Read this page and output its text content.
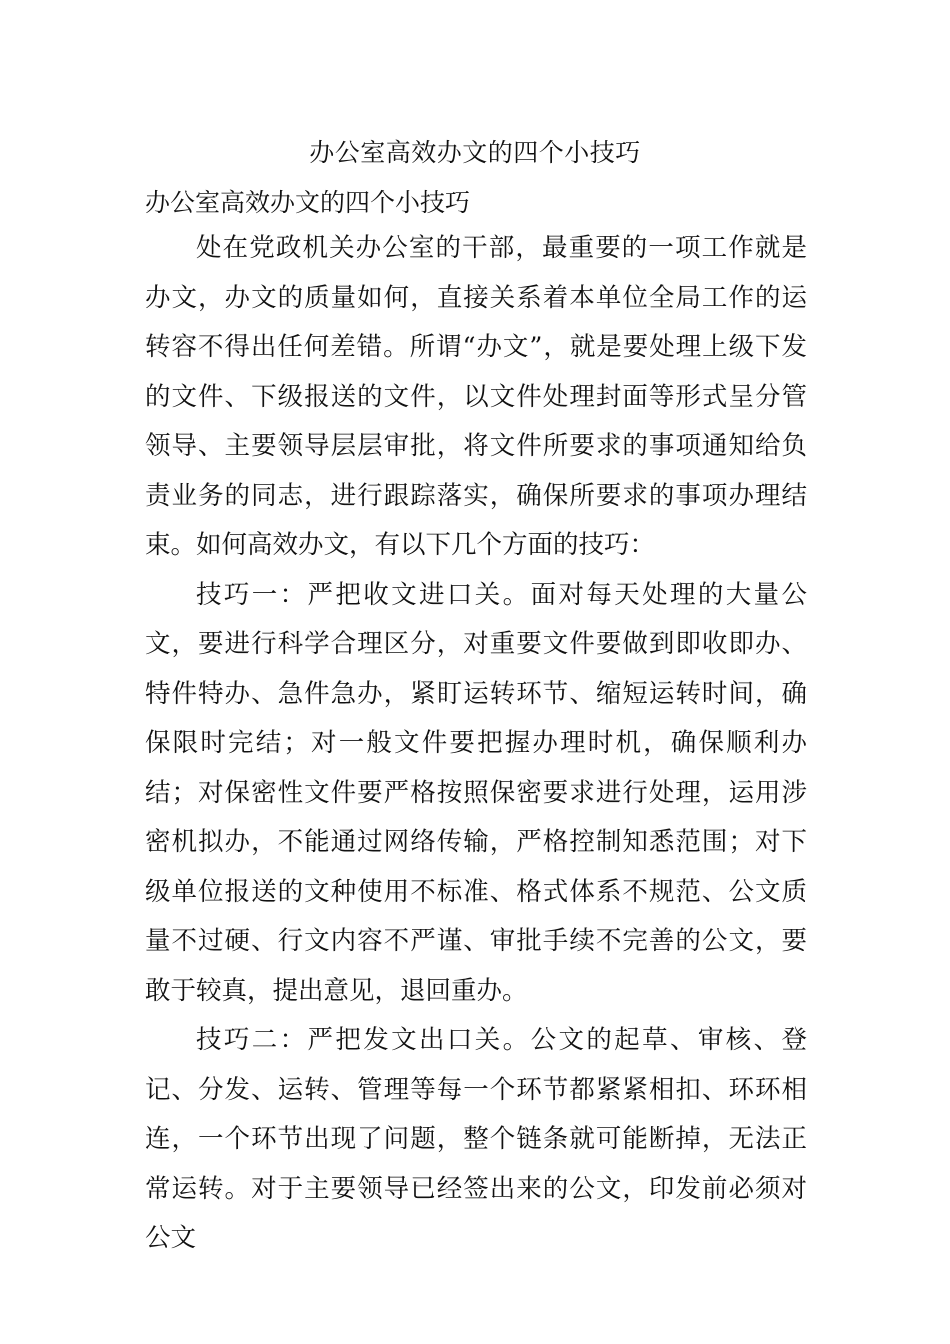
办公室高效办文的四个小技巧
办公室高效办文的四个小技巧

处在党政机关办公室的干部，最重要的一项工作就是办文，办文的质量如何，直接关系着本单位全局工作的运转容不得出任何差错。所谓“办文”，就是要处理上级下发的文件、下级报送的文件，以文件处理封面等形式呈分管领导、主要领导层层审批，将文件所要求的事项通知给负责业务的同志，进行跟踪落实，确保所要求的事项办理结束。如何高效办文，有以下几个方面的技巧：

技巧一：严把收文进口关。面对每天处理的大量公文，要进行科学合理区分，对重要文件要做到即收即办、特件特办、急件急办，紧盯运转环节、缩短运转时间，确保限时完结；对一般文件要把握办理时机，确保顺利办结；对保密性文件要严格按照保密要求进行处理，运用涉密机拟办，不能通过网络传输，严格控制知悉范围；对下级单位报送的文种使用不标准、格式体系不规范、公文质量不过硬、行文内容不严谨、审批手续不完善的公文，要敢于较真，提出意见，退回重办。

技巧二：严把发文出口关。公文的起草、审核、登记、分发、运转、管理等每一个环节都紧紧相扣、环环相连，一个环节出现了问题，整个链条就可能断掉，无法正常运转。对于主要领导已经签出来的公文，印发前必须对公文
